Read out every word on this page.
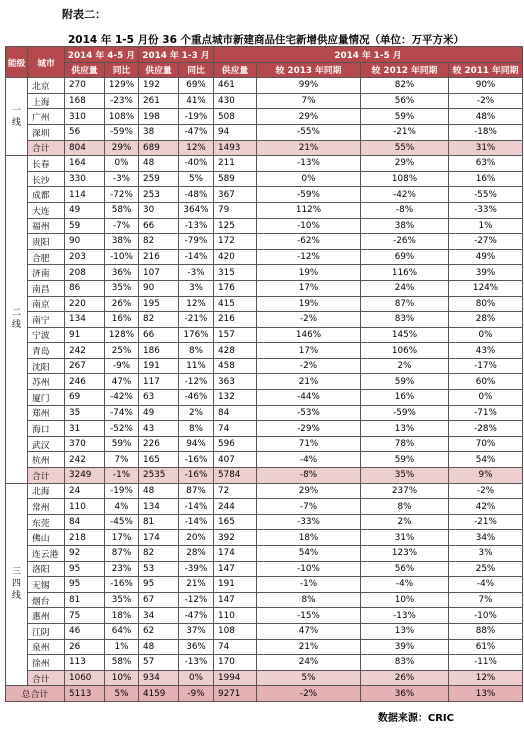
附表二：
2014 年 1-5 月份 36 个重点城市新建商品住宅新增供应量情况（单位：万平方米）
能级	城市	2014 年 4-5 月		2014 年 1-3 月		2014 年 1-5 月			
		供应量	同比	供应量	同比	供应量	较 2013 年同期	较 2012 年同期	较 2011 年同期
一
线	北京	270	129%	192	69%	461	99%	82%	90%
	上海	168	-23%	261	41%	430	7%	56%	-2%
	广州	310	108%	198	-19%	508	29%	59%	48%
	深圳	56	-59%	38	-47%	94	-55%	-21%	-18%
	合计	804	29%	689	12%	1493	21%	55%	31%
二
线	长春	164	0%	48	-40%	211	-13%	29%	63%
	长沙	330	-3%	259	5%	589	0%	108%	16%
	成都	114	-72%	253	-48%	367	-59%	-42%	-55%
	大连	49	58%	30	364%	79	112%	-8%	-33%
	福州	59	-7%	66	-13%	125	-10%	38%	1%
	贵阳	90	38%	82	-79%	172	-62%	-26%	-27%
	合肥	203	-10%	216	-14%	420	-12%	69%	49%
	济南	208	36%	107	-3%	315	19%	116%	39%
	南昌	86	35%	90	3%	176	17%	24%	124%
	南京	220	26%	195	12%	415	19%	87%	80%
	南宁	134	16%	82	-21%	216	-2%	83%	28%
	宁波	91	128%	66	176%	157	146%	145%	0%
	青岛	242	25%	186	8%	428	17%	106%	43%
	沈阳	267	-9%	191	11%	458	-2%	2%	-17%
	苏州	246	47%	117	-12%	363	21%	59%	60%
	厦门	69	-42%	63	-46%	132	-44%	16%	0%
	郑州	35	-74%	49	2%	84	-53%	-59%	-71%
	海口	31	-52%	43	8%	74	-29%	13%	-28%
	武汉	370	59%	226	94%	596	71%	78%	70%
	杭州	242	7%	165	-16%	407	-4%	59%	54%
	合计	3249	-1%	2535	-16%	5784	-8%	35%	9%
三
四
线	北海	24	-19%	48	87%	72	29%	237%	-2%
	常州	110	4%	134	-14%	244	-7%	8%	42%
	东莞	84	-45%	81	-14%	165	-33%	2%	-21%
	佛山	218	17%	174	20%	392	18%	31%	34%
	连云港	92	87%	82	28%	174	54%	123%	3%
	洛阳	95	23%	53	-39%	147	-10%	56%	25%
	无锡	95	-16%	95	21%	191	-1%	-4%	-4%
	烟台	81	35%	67	-12%	147	8%	10%	7%
	惠州	75	18%	34	-47%	110	-15%	-13%	-10%
	江阴	46	64%	62	37%	108	47%	13%	88%
	泉州	26	1%	48	36%	74	21%	39%	61%
	徐州	113	58%	57	-13%	170	24%	83%	-11%
	合计	1060	10%	934	0%	1994	5%	26%	12%
总合计		5113	5%	4159	-9%	9271	-2%	36%	13%
数据来源：CRIC
